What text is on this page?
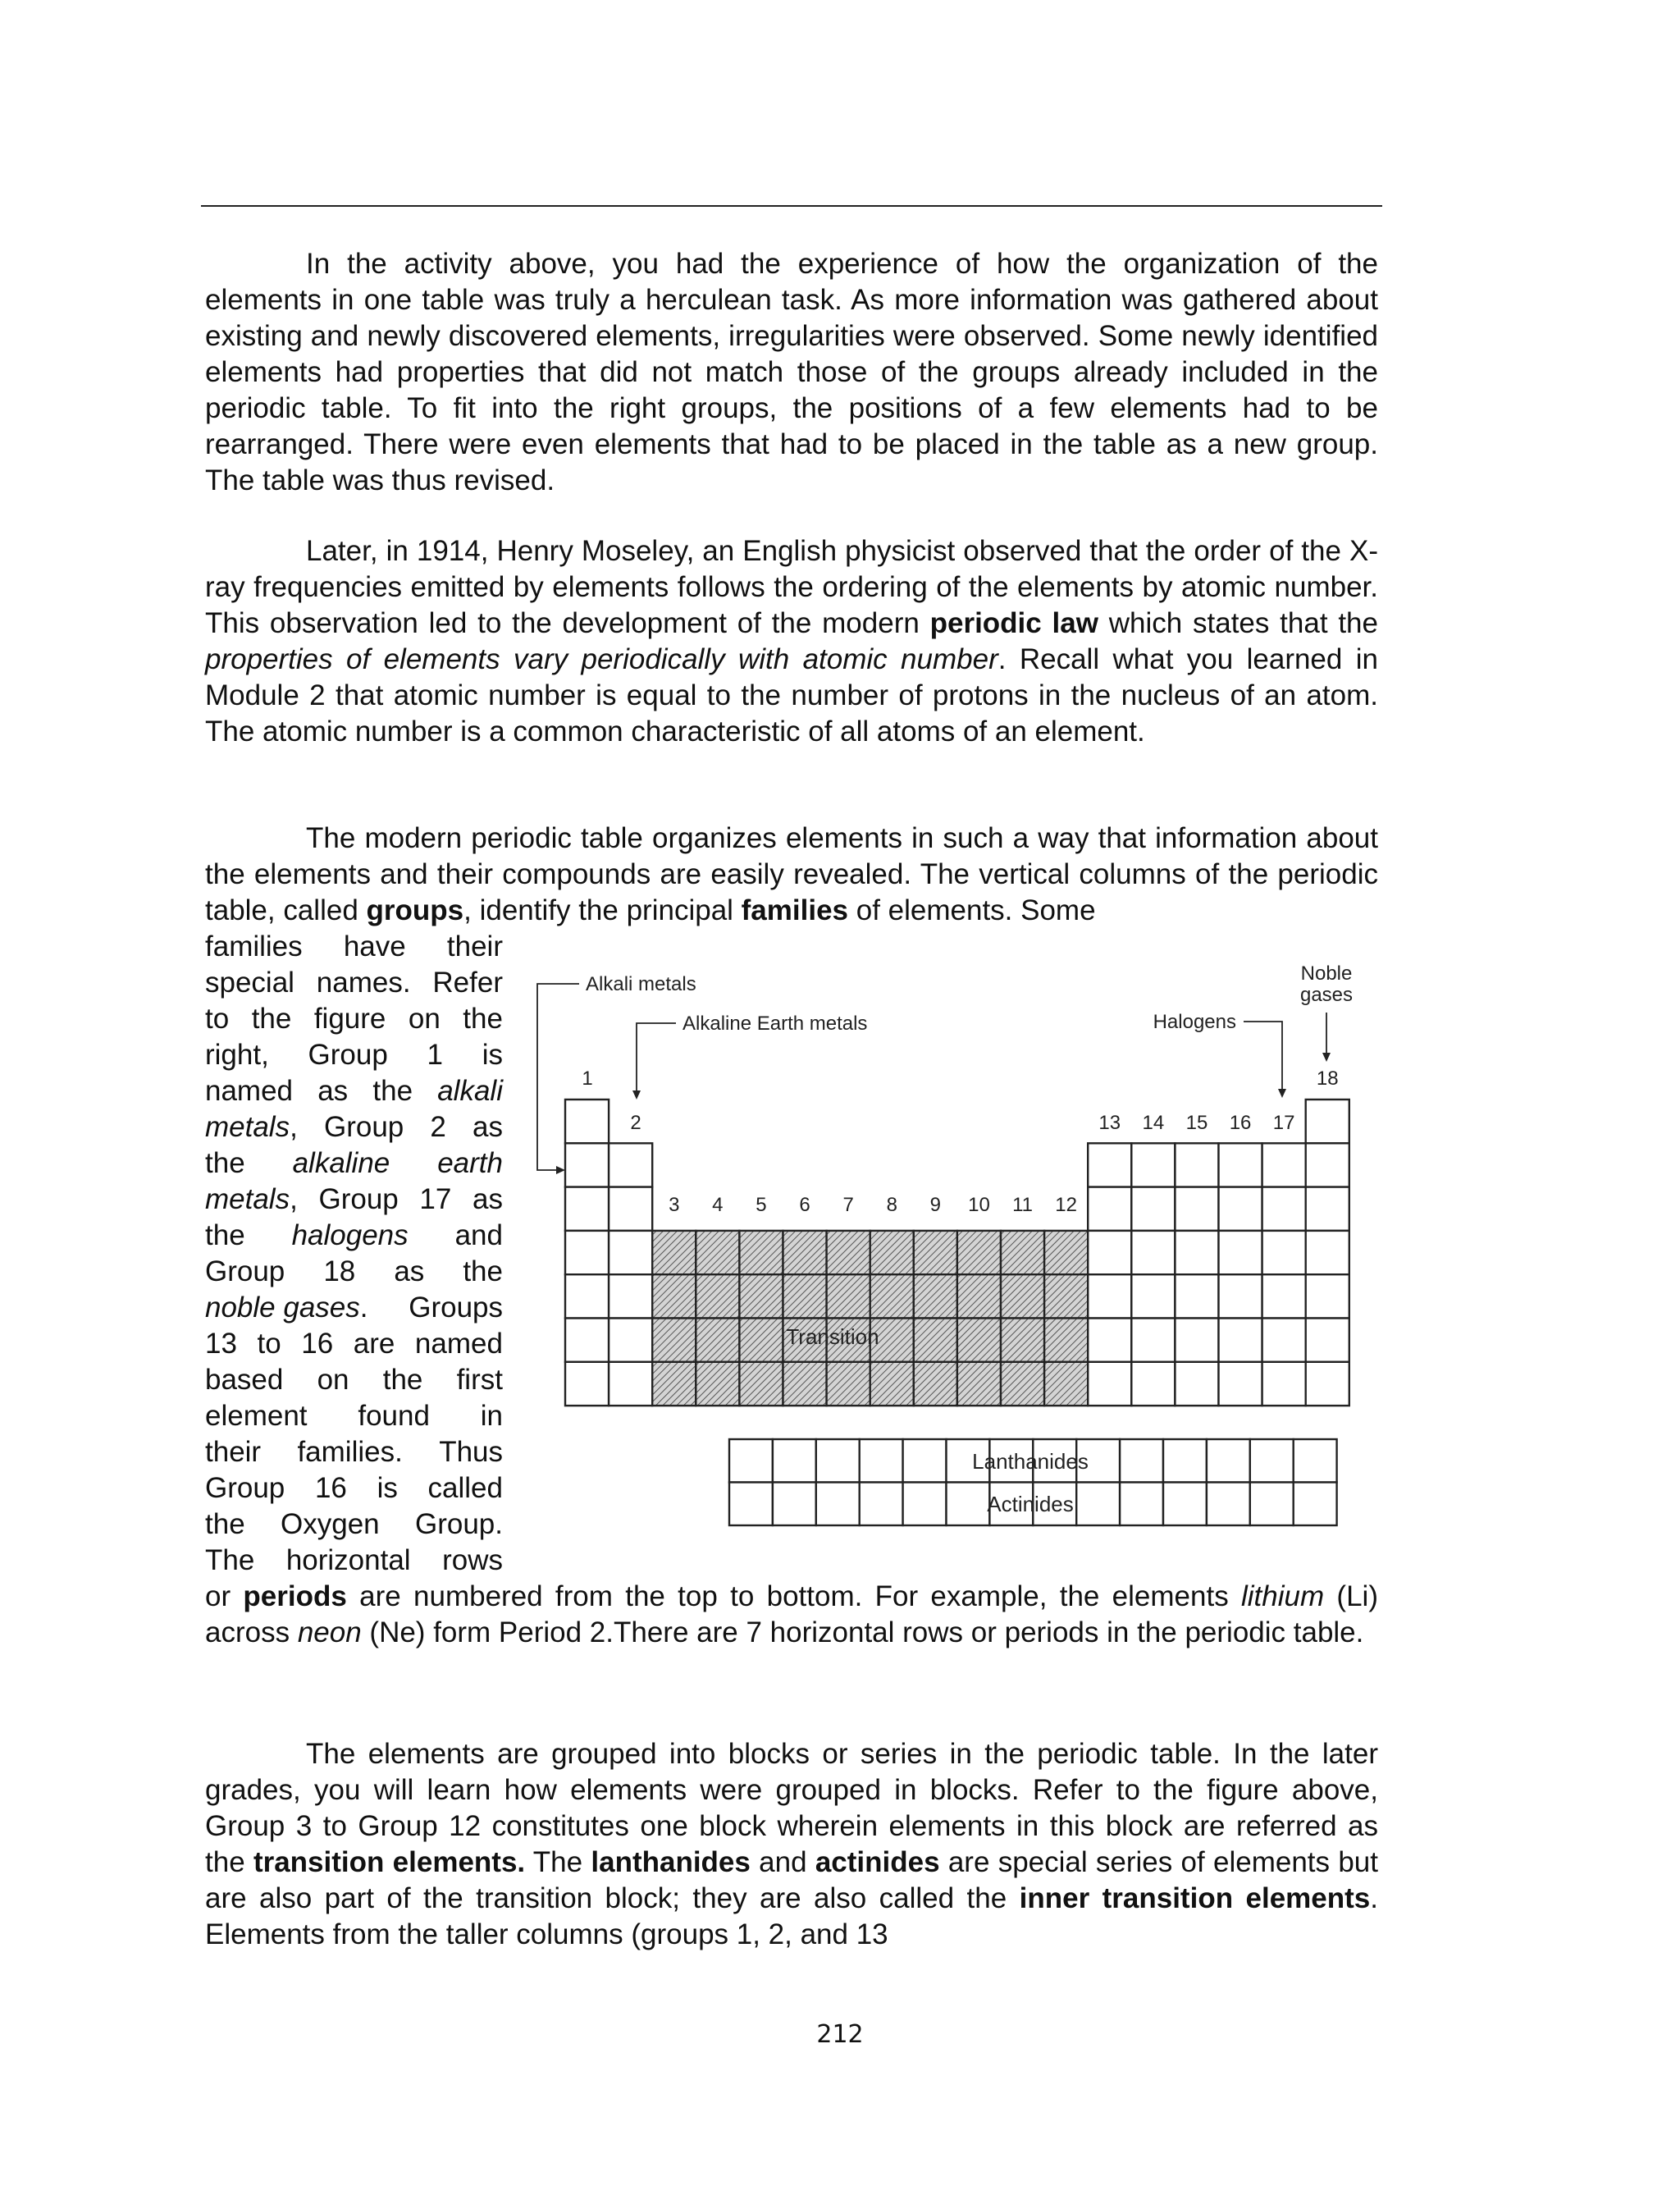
In the activity above, you had the experience of how the organization of the elements in one table was truly a herculean task. As more information was gathered about existing and newly discovered elements, irregularities were observed. Some newly identified elements had properties that did not match those of the groups already included in the periodic table. To fit into the right groups, the positions of a few elements had to be rearranged. There were even elements that had to be placed in the table as a new group. The table was thus revised.

Later, in 1914, Henry Moseley, an English physicist observed that the order of the X-ray frequencies emitted by elements follows the ordering of the elements by atomic number. This observation led to the development of the modern periodic law which states that the properties of elements vary periodically with atomic number. Recall what you learned in Module 2 that atomic number is equal to the number of protons in the nucleus of an atom. The atomic number is a common characteristic of all atoms of an element.

The modern periodic table organizes elements in such a way that information about the elements and their compounds are easily revealed. The vertical columns of the periodic table, called groups, identify the principal families of elements. Some

families have their
special names. Refer
to the figure on the
right, Group 1 is
named as the alkali
metals, Group 2 as
the alkaline earth
metals, Group 17 as
the halogens and
Group 18 as the
noble gases. Groups
13 to 16 are named
based on the first
element found in
their families. Thus
Group 16 is called
the Oxygen Group.
The horizontal rows

or periods are numbered from the top to bottom. For example, the elements lithium (Li) across neon (Ne) form Period 2.There are 7 horizontal rows or periods in the periodic table.

1
2
3 4 5 6 7 8 9 10 11 12
13 14 15 16 17
18
Transition
Lanthanides
Actinides
Alkali metals
Alkaline Earth metals	Halogens
Noble
gases

The elements are grouped into blocks or series in the periodic table. In the later grades, you will learn how elements were grouped in blocks. Refer to the figure above, Group 3 to Group 12 constitutes one block wherein elements in this block are referred as the transition elements. The lanthanides and actinides are special series of elements but are also part of the transition block; they are also called the inner transition elements. Elements from the taller columns (groups 1, 2, and 13

212
